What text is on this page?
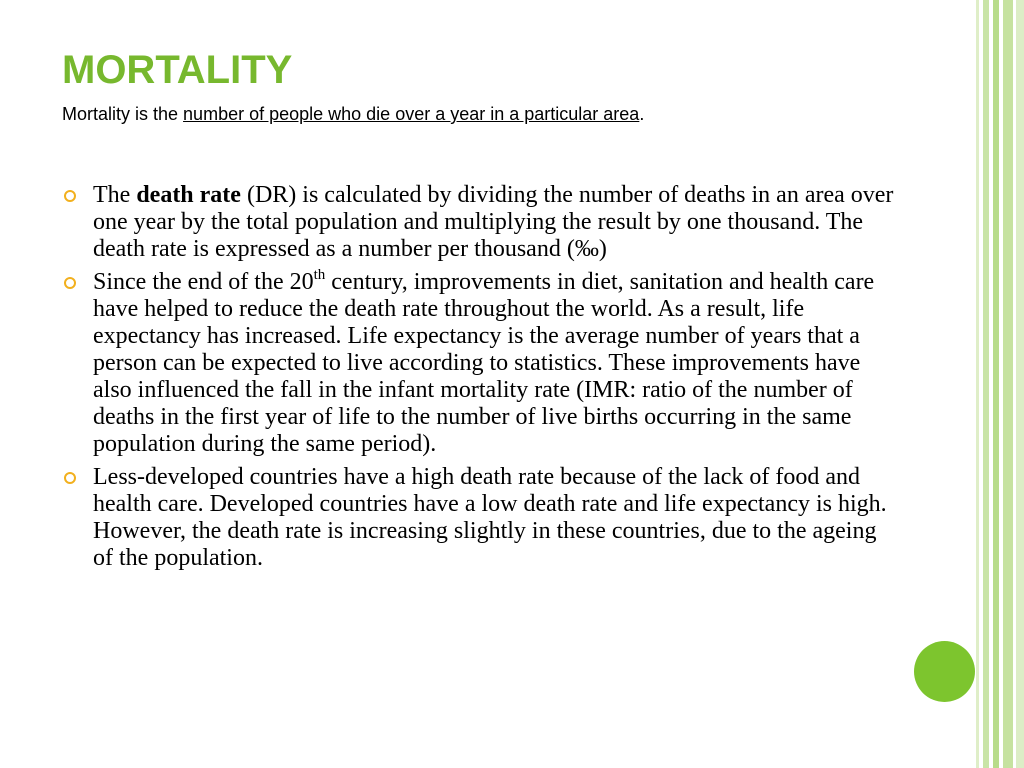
MORTALITY

Mortality is the number of people who die over a year in a particular area.

The death rate (DR) is calculated by dividing the number of deaths in an area over one year by the total population and multiplying the result by one thousand. The death rate is expressed as a number per thousand (‰)
Since the end of the 20th century, improvements in diet, sanitation and health care have helped to reduce the death rate throughout the world. As a result, life expectancy has increased. Life expectancy is the average number of years that a person can be expected to live according to statistics. These improvements have also influenced the fall in the infant mortality rate (IMR: ratio of the number of deaths in the first year of life to the number of live births occurring in the same population during the same period).
Less-developed countries have a high death rate because of the lack of food and health care. Developed countries have a low death rate and life expectancy is high. However, the death rate is increasing slightly in these countries, due to the ageing of the population.
